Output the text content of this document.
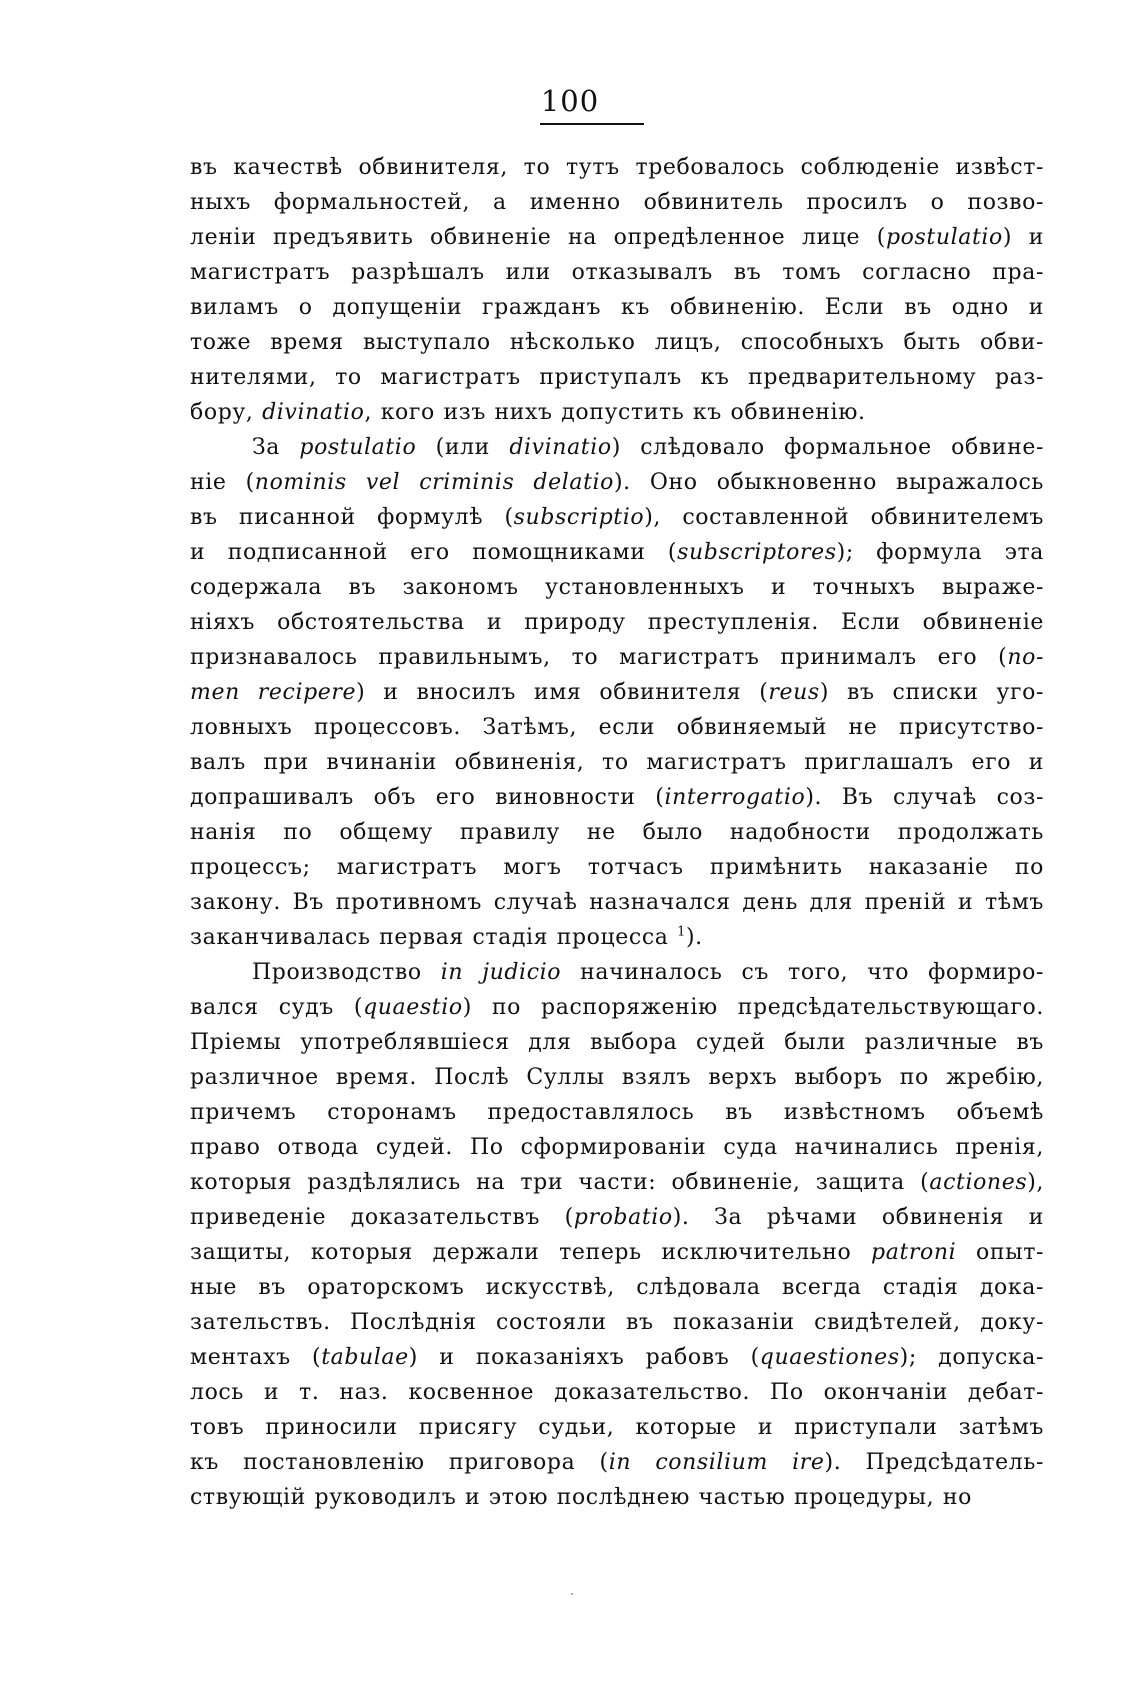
100
въ качествѣ обвинителя, то тутъ требовалось соблюденіе извѣст-
ныхъ формальностей, а именно обвинитель просилъ о позво-
леніи предъявить обвиненіе на опредѣленное лице (postulatio) и
магистратъ разрѣшалъ или отказывалъ въ томъ согласно пра-
виламъ о допущеніи гражданъ къ обвиненію. Если въ одно и
тоже время выступало нѣсколько лицъ, способныхъ быть обви-
нителями, то магистратъ приступалъ къ предварительному раз-
бору, divinatio, кого изъ нихъ допустить къ обвиненію.
За postulatio (или divinatio) слѣдовало формальное обвине-
ніе (nominis vel criminis delatio). Оно обыкновенно выражалось
въ писанной формулѣ (subscriptio), составленной обвинителемъ
и подписанной его помощниками (subscriptores); формула эта
содержала въ закономъ установленныхъ и точныхъ выраже-
ніяхъ обстоятельства и природу преступленія. Если обвиненіе
признавалось правильнымъ, то магистратъ принималъ его (no-
men recipere) и вносилъ имя обвинителя (reus) въ списки уго-
ловныхъ процессовъ. Затѣмъ, если обвиняемый не присутство-
валъ при вчинаніи обвиненія, то магистратъ приглашалъ его и
допрашивалъ объ его виновности (interrogatio). Въ случаѣ соз-
нанія по общему правилу не было надобности продолжать
процессъ; магистратъ могъ тотчасъ примѣнить наказаніе по
закону. Въ противномъ случаѣ назначался день для преній и тѣмъ
заканчивалась первая стадія процесса $^1$).
Производство in judicio начиналось съ того, что формиро-
вался судъ (quaestio) по распоряженію предсѣдательствующаго.
Пріемы употреблявшіеся для выбора судей были различные въ
различное время. Послѣ Суллы взялъ верхъ выборъ по жребію,
причемъ сторонамъ предоставлялось въ извѣстномъ объемѣ
право отвода судей. По сформированіи суда начинались пренія,
которыя раздѣлялись на три части: обвиненіе, защита (actiones),
приведеніе доказательствъ (probatio). За рѣчами обвиненія и
защиты, которыя держали теперь исключительно patroni опыт-
ные въ ораторскомъ искусствѣ, слѣдовала всегда стадія дока-
зательствъ. Послѣднія состояли въ показаніи свидѣтелей, доку-
ментахъ (tabulae) и показаніяхъ рабовъ (quaestiones); допуска-
лось и т. наз. косвенное доказательство. По окончаніи дебат-
товъ приносили присягу судьи, которые и приступали затѣмъ
къ постановленію приговора (in consilium ire). Предсѣдатель-
ствующій руководилъ и этою послѣднею частью процедуры, но
